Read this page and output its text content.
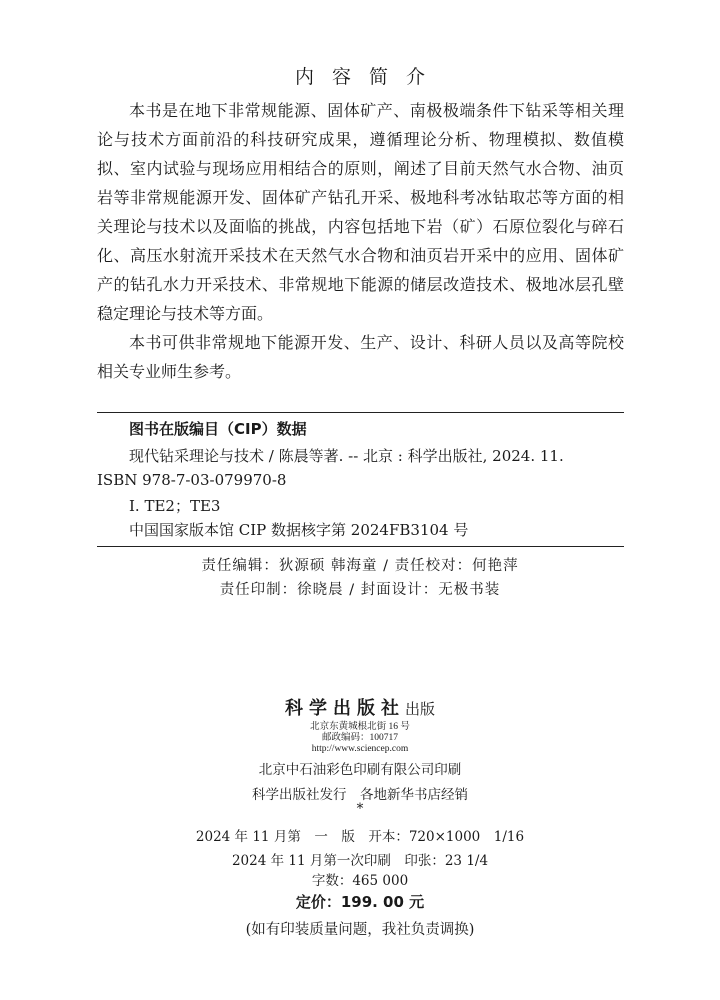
内容简介

本书是在地下非常规能源、固体矿产、南极极端条件下钻采等相关理论与技术方面前沿的科技研究成果，遵循理论分析、物理模拟、数值模拟、室内试验与现场应用相结合的原则，阐述了目前天然气水合物、油页岩等非常规能源开发、固体矿产钻孔开采、极地科考冰钻取芯等方面的相关理论与技术以及面临的挑战，内容包括地下岩（矿）石原位裂化与碎石化、高压水射流开采技术在天然气水合物和油页岩开采中的应用、固体矿产的钻孔水力开采技术、非常规地下能源的储层改造技术、极地冰层孔壁稳定理论与技术等方面。

本书可供非常规地下能源开发、生产、设计、科研人员以及高等院校相关专业师生参考。

图书在版编目（CIP）数据
现代钻采理论与技术 / 陈晨等著. -- 北京 : 科学出版社, 2024. 11.
ISBN 978-7-03-079970-8
Ⅰ. TE2；TE3
中国国家版本馆 CIP 数据核字第 2024FB3104 号
责任编辑：狄源硕 韩海童 / 责任校对：何艳萍
责任印制：徐晓晨 / 封面设计：无极书装
科学出版社出版
北京东黄城根北街 16 号
邮政编码：100717
http://www.sciencep.com
北京中石油彩色印刷有限公司印刷
科学出版社发行　各地新华书店经销
*
2024 年 11 月第　一　版　开本：720×1000　1/16
2024 年 11 月第一次印刷　印张：23 1/4
字数：465 000
定价：199. 00 元
(如有印装质量问题，我社负责调换)
